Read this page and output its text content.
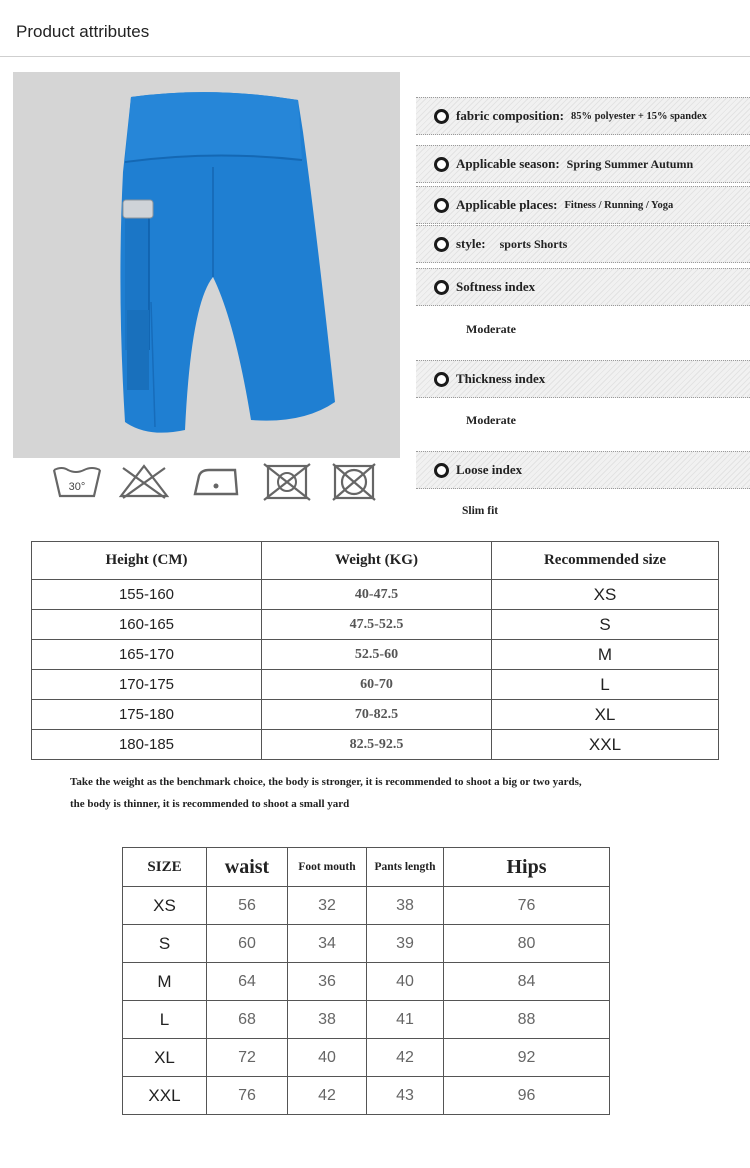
Product attributes
30°
fabric composition: 85% polyester + 15% spandex
Applicable season: Spring Summer Autumn
Applicable places: Fitness / Running / Yoga
style: sports Shorts
Softness index
Moderate
Thickness index
Moderate
Loose index
Slim fit
Height (CM)	Weight (KG)	Recommended size
155-160	40-47.5	XS
160-165	47.5-52.5	S
165-170	52.5-60	M
170-175	60-70	L
175-180	70-82.5	XL
180-185	82.5-92.5	XXL
Take the weight as the benchmark choice, the body is stronger, it is recommended to shoot a big or two yards,
the body is thinner, it is recommended to shoot a small yard
SIZE	waist	Foot mouth	Pants length	Hips
XS	56	32	38	76
S	60	34	39	80
M	64	36	40	84
L	68	38	41	88
XL	72	40	42	92
XXL	76	42	43	96
